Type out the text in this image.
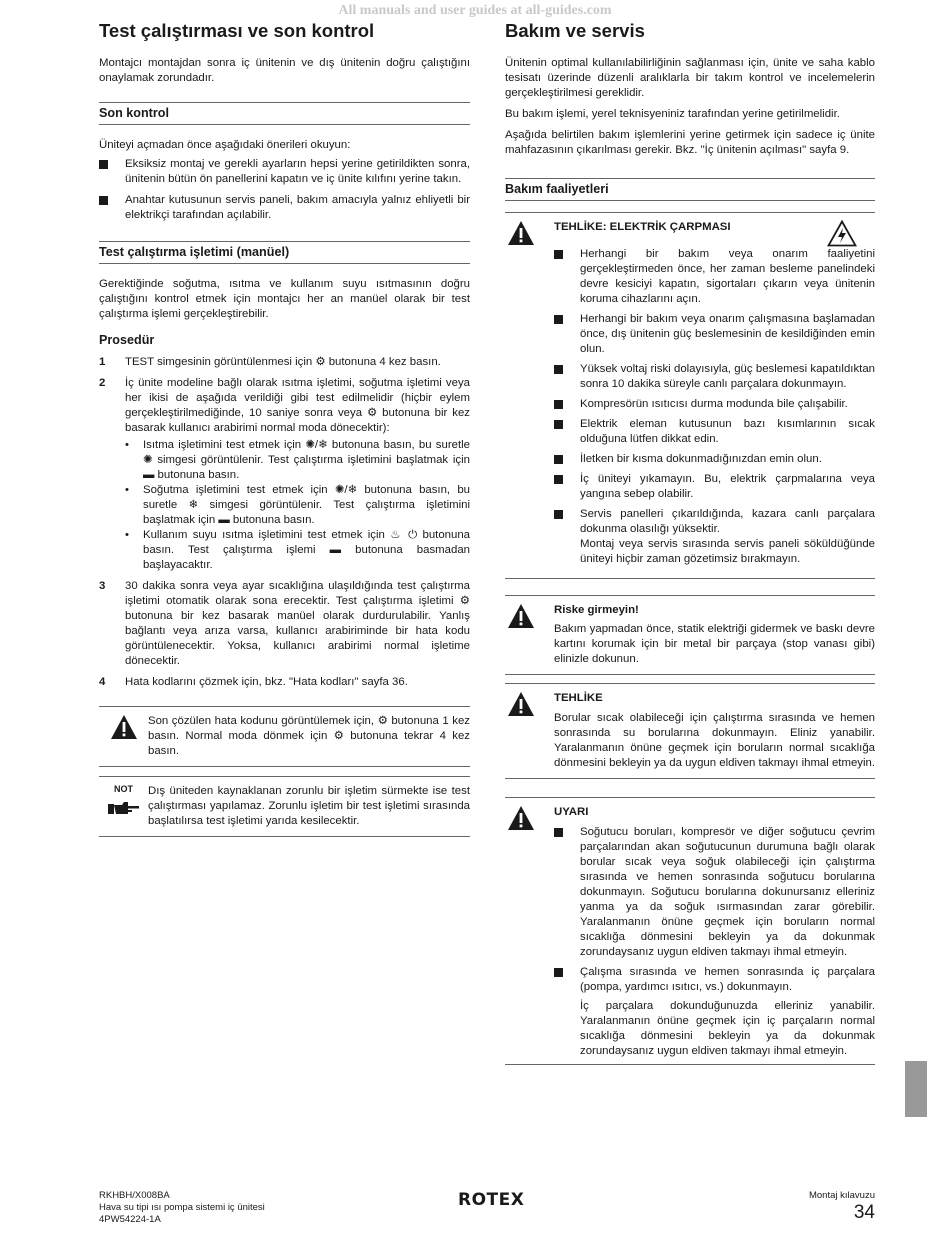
All manuals and user guides at all-guides.com
Test çalıştırması ve son kontrol

Montajcı montajdan sonra iç ünitenin ve dış ünitenin doğru çalıştığını onaylamak zorundadır.

Son kontrol

Üniteyi açmadan önce aşağıdaki önerileri okuyun:

Eksiksiz montaj ve gerekli ayarların hepsi yerine getirildikten sonra, ünitenin bütün ön panellerini kapatın ve iç ünite kılıfını yerine takın.
Anahtar kutusunun servis paneli, bakım amacıyla yalnız ehliyetli bir elektrikçi tarafından açılabilir.
Test çalıştırma işletimi (manüel)

Gerektiğinde soğutma, ısıtma ve kullanım suyu ısıtmasının doğru çalıştığını kontrol etmek için montajcı her an manüel olarak bir test çalıştırma işlemi gerçekleştirebilir.

Prosedür
1 TEST simgesinin görüntülenmesi için ⚙ butonuna 4 kez basın.
2 İç ünite modeline bağlı olarak ısıtma işletimi, soğutma işletimi veya her ikisi de aşağıda verildiği gibi test edilmelidir (hiçbir eylem gerçekleştirilmediğinde, 10 saniye sonra veya ⚙ butonuna bir kez basarak kullanıcı arabirimi normal moda dönecektir):
• Isıtma işletimini test etmek için ✺/❄ butonuna basın, bu suretle ✺ simgesi görüntülenir. Test çalıştırma işletimini başlatmak için ▬ butonuna basın.
• Soğutma işletimini test etmek için ✺/❄ butonuna basın, bu suretle ❄ simgesi görüntülenir. Test çalıştırma işletimini başlatmak için ▬ butonuna basın.
• Kullanım suyu ısıtma işletimini test etmek için ♨ ⏻ butonuna basın. Test çalıştırma işlemi ▬ butonuna basmadan başlayacaktır.
3 30 dakika sonra veya ayar sıcaklığına ulaşıldığında test çalıştırma işletimi otomatik olarak sona erecektir. Test çalıştırma işletimi ⚙ butonuna bir kez basarak manüel olarak durdurulabilir. Yanlış bağlantı veya arıza varsa, kullanıcı arabiriminde bir hata kodu görüntülenecektir. Yoksa, kullanıcı arabirimi normal işletime dönecektir.
4 Hata kodlarını çözmek için, bkz. "Hata kodları" sayfa 36.
Son çözülen hata kodunu görüntülemek için, ⚙ butonuna 1 kez basın. Normal moda dönmek için ⚙ butonuna tekrar 4 kez basın.
NOT Dış üniteden kaynaklanan zorunlu bir işletim sürmekte ise test çalıştırması yapılamaz. Zorunlu işletim bir test işletimi sırasında başlatılırsa test işletimi yarıda kesilecektir.
Bakım ve servis

Ünitenin optimal kullanılabilirliğinin sağlanması için, ünite ve saha kablo tesisatı üzerinde düzenli aralıklarla bir takım kontrol ve incelemelerin gerçekleştirilmesi gereklidir.

Bu bakım işlemi, yerel teknisyeniniz tarafından yerine getirilmelidir.

Aşağıda belirtilen bakım işlemlerini yerine getirmek için sadece iç ünite mahfazasının çıkarılması gerekir. Bkz. "İç ünitenin açılması" sayfa 9.

Bakım faaliyetleri
TEHLİKE: ELEKTRİK ÇARPMASI
Herhangi bir bakım veya onarım faaliyetini gerçekleştirmeden önce, her zaman besleme panelindeki devre kesiciyi kapatın, sigortaları çıkarın veya ünitenin koruma cihazlarını açın.
Herhangi bir bakım veya onarım çalışmasına başlamadan önce, dış ünitenin güç beslemesinin de kesildiğinden emin olun.
Yüksek voltaj riski dolayısıyla, güç beslemesi kapatıldıktan sonra 10 dakika süreyle canlı parçalara dokunmayın.
Kompresörün ısıtıcısı durma modunda bile çalışabilir.
Elektrik eleman kutusunun bazı kısımlarının sıcak olduğuna lütfen dikkat edin.
İletken bir kısma dokunmadığınızdan emin olun.
İç üniteyi yıkamayın. Bu, elektrik çarpmalarına veya yangına sebep olabilir.
Servis panelleri çıkarıldığında, kazara canlı parçalara dokunma olasılığı yüksektir.
Montaj veya servis sırasında servis paneli söküldüğünde üniteyi hiçbir zaman gözetimsiz bırakmayın.
Riske girmeyin!

Bakım yapmadan önce, statik elektriği gidermek ve baskı devre kartını korumak için bir metal bir parçaya (stop vanası gibi) elinizle dokunun.

TEHLİKE

Borular sıcak olabileceği için çalıştırma sırasında ve hemen sonrasında su borularına dokunmayın. Eliniz yanabilir. Yaralanmanın önüne geçmek için boruların normal sıcaklığa dönmesini bekleyin ya da uygun eldiven takmayı ihmal etmeyin.

UYARI
Soğutucu boruları, kompresör ve diğer soğutucu çevrim parçalarından akan soğutucunun durumuna bağlı olarak borular sıcak veya soğuk olabileceği için çalıştırma sırasında ve hemen sonrasında soğutucu borularına dokunmayın. Soğutucu borularına dokunursanız elleriniz yanma ya da soğuk ısırmasından zarar görebilir. Yaralanmanın önüne geçmek için boruların normal sıcaklığa dönmesini bekleyin ya da dokunmak zorundaysanız uygun eldiven takmayı ihmal etmeyin.
Çalışma sırasında ve hemen sonrasında iç parçalara (pompa, yardımcı ısıtıcı, vs.) dokunmayın.
İç parçalara dokunduğunuzda elleriniz yanabilir. Yaralanmanın önüne geçmek için iç parçaların normal sıcaklığa dönmesini bekleyin ya da dokunmak zorundaysanız uygun eldiven takmayı ihmal etmeyin.
RKHBH/X008BA
Hava su tipi ısı pompa sistemi iç ünitesi
4PW54224-1A
ROTEX	Montaj kılavuzu
34
